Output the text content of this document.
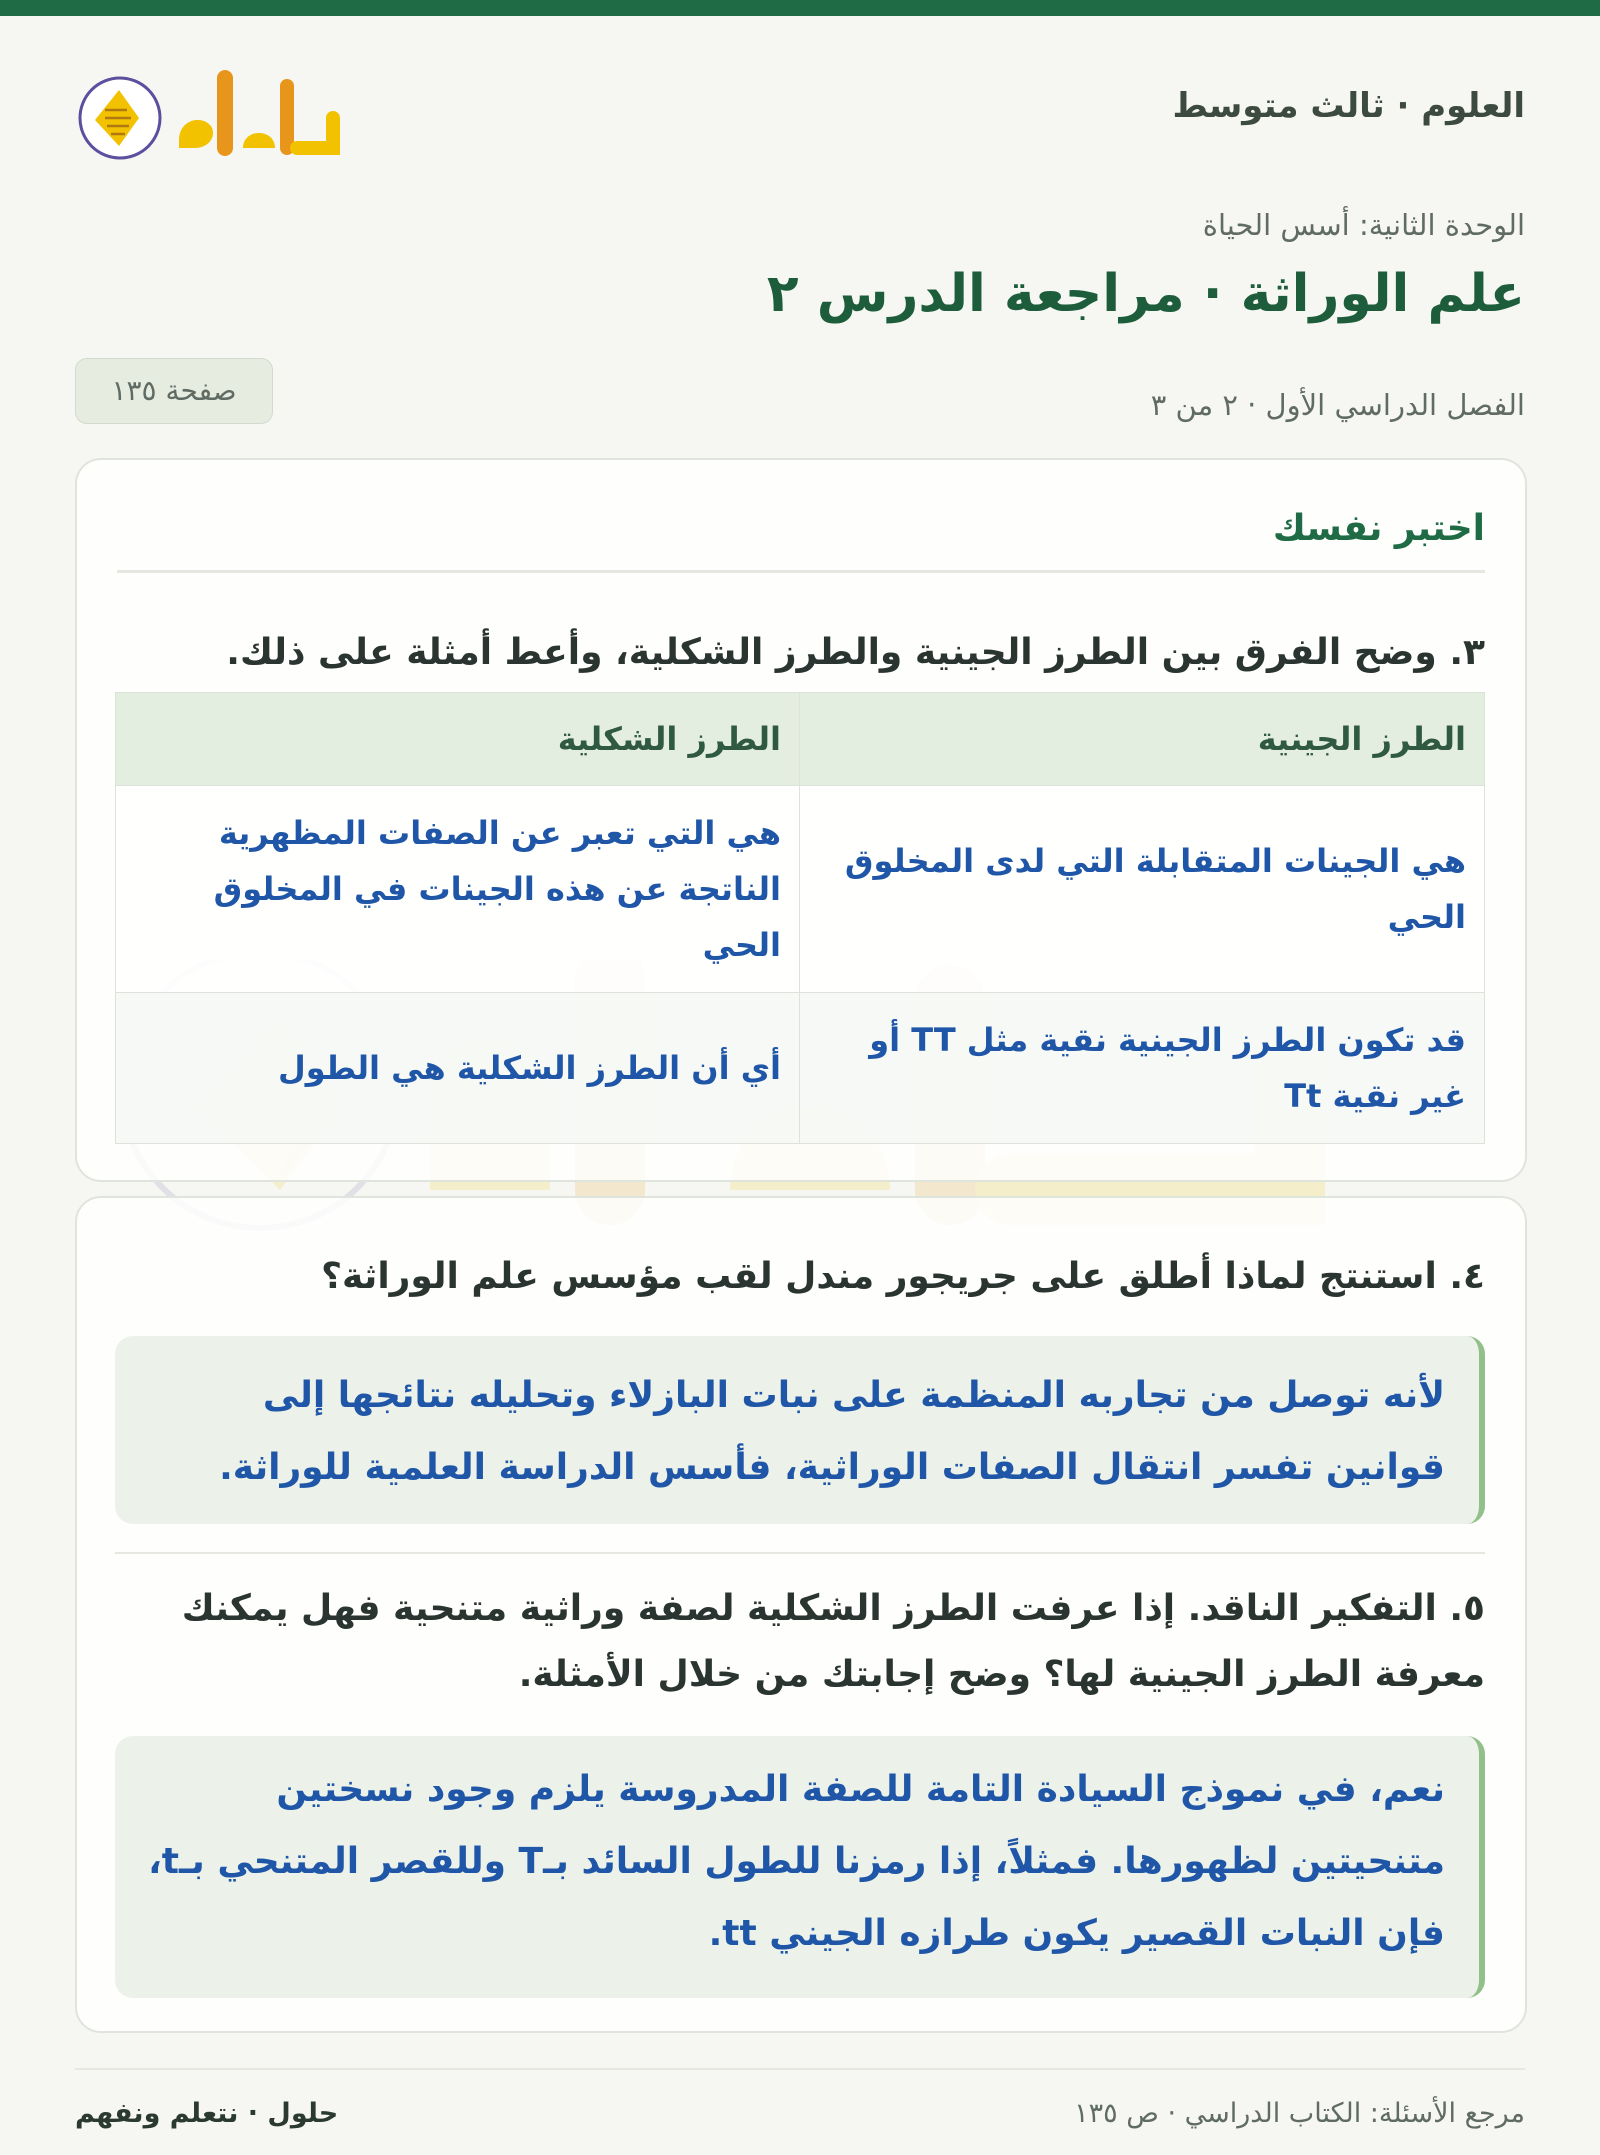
العلوم · ثالث متوسط
الوحدة الثانية: أسس الحياة
علم الوراثة · مراجعة الدرس ٢
الفصل الدراسي الأول · ٢ من ٣
صفحة ١٣٥
اختبر نفسك
٣. وضح الفرق بين الطرز الجينية والطرز الشكلية، وأعط أمثلة على ذلك.
الطرز الجينية	الطرز الشكلية
هي الجينات المتقابلة التي لدى المخلوق الحي	هي التي تعبر عن الصفات المظهرية الناتجة عن هذه الجينات في المخلوق الحي
قد تكون الطرز الجينية نقية مثل TT أو غير نقية Tt	أي أن الطرز الشكلية هي الطول
٤. استنتج لماذا أطلق على جريجور مندل لقب مؤسس علم الوراثة؟
لأنه توصل من تجاربه المنظمة على نبات البازلاء وتحليله نتائجها إلى قوانين تفسر انتقال الصفات الوراثية، فأسس الدراسة العلمية للوراثة.
٥. التفكير الناقد. إذا عرفت الطرز الشكلية لصفة وراثية متنحية فهل يمكنك معرفة الطرز الجينية لها؟ وضح إجابتك من خلال الأمثلة.
نعم، في نموذج السيادة التامة للصفة المدروسة يلزم وجود نسختين متنحيتين لظهورها. فمثلاً، إذا رمزنا للطول السائد بـT وللقصر المتنحي بـt، فإن النبات القصير يكون طرازه الجيني tt.
مرجع الأسئلة: الكتاب الدراسي · ص ١٣٥
حلول · نتعلم ونفهم
